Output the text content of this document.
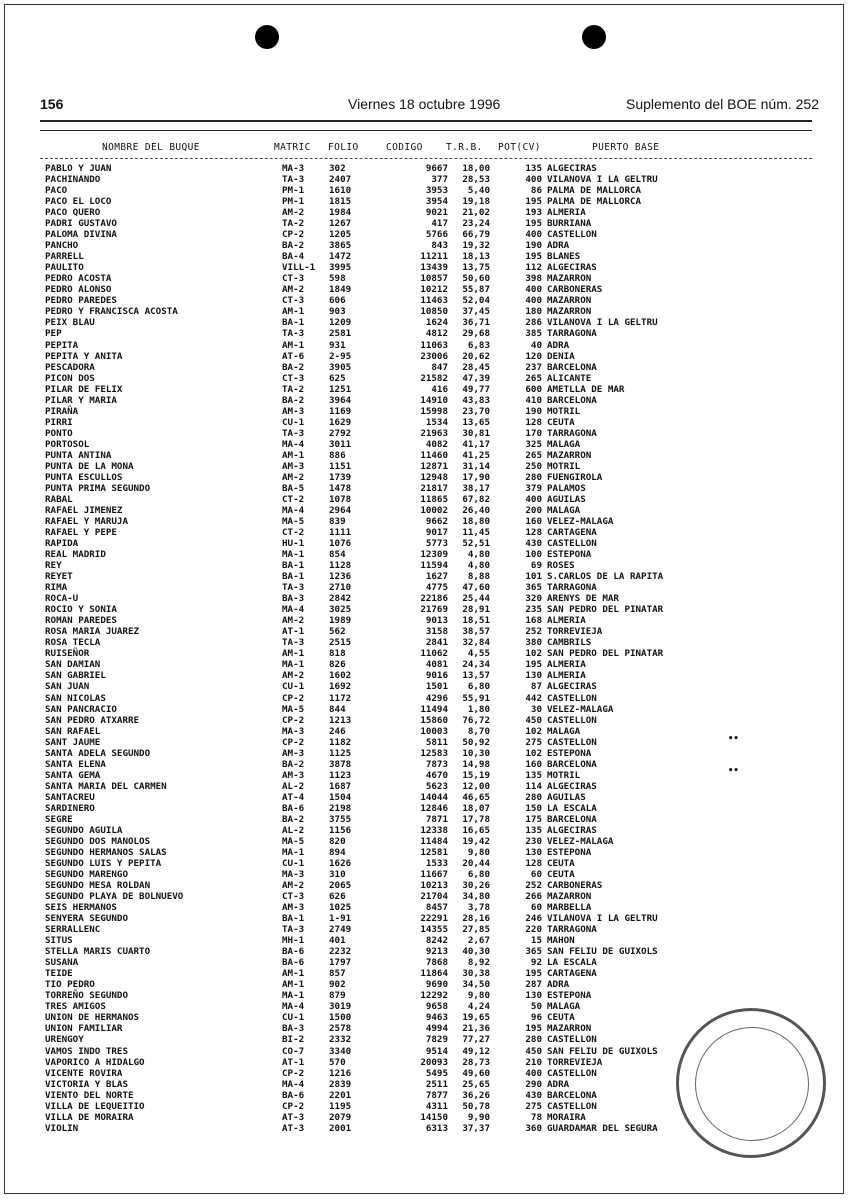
156	Viernes 18 octubre 1996	Suplemento del BOE núm. 252
NOMBRE DEL BUQUE	MATRIC FOLIO	CODIGO T.R.B. POT(CV)	PUERTO BASE
PABLO Y JUAN	MA-3	302	9667	18,00	135 ALGECIRAS
PACHINANDO	TA-3	2407	377	28,53	400 VILANOVA I LA GELTRU
PACO	PM-1	1610	3953	5,40	86 PALMA DE MALLORCA
PACO EL LOCO	PM-1	1815	3954	19,18	195 PALMA DE MALLORCA
PACO QUERO	AM-2	1984	9021	21,02	193 ALMERIA
PADRI GUSTAVO	TA-2	1267	417	23,24	195 BURRIANA
PALOMA DIVINA	CP-2	1205	5766	66,79	400 CASTELLON
PANCHO	BA-2	3865	843	19,32	190 ADRA
PARRELL	BA-4	1472	11211	18,13	195 BLANES
PAULITO	VILL-1 3995	13439	13,75	112 ALGECIRAS
PEDRO ACOSTA	CT-3	598	10857	50,60	398 MAZARRON
PEDRO ALONSO	AM-2	1849	10212	55,87	400 CARBONERAS
PEDRO PAREDES	CT-3	606	11463	52,04	400 MAZARRON
PEDRO Y FRANCISCA ACOSTA	AM-1	903	10850	37,45	180 MAZARRON
PEIX BLAU	BA-1	1209	1624	36,71	286 VILANOVA I LA GELTRU
PEP	TA-3	2581	4812	29,68	385 TARRAGONA
PEPITA	AM-1	931	11063	6,83	40 ADRA
PEPITA Y ANITA	AT-6	2-95	23006	20,62	120 DENIA
PESCADORA	BA-2	3905	847	28,45	237 BARCELONA
PICON DOS	CT-3	625	21582	47,39	265 ALICANTE
PILAR DE FELIX	TA-2	1251	416	49,77	600 AMETLLA DE MAR
PILAR Y MARIA	BA-2	3964	14910	43,83	410 BARCELONA
PIRAÑA	AM-3	1169	15998	23,70	190 MOTRIL
PIRRI	CU-1	1629	1534	13,65	128 CEUTA
PONTO	TA-3	2792	21963	30,81	170 TARRAGONA
PORTOSOL	MA-4	3011	4082	41,17	325 MALAGA
PUNTA ANTINA	AM-1	886	11460	41,25	265 MAZARRON
PUNTA DE LA MONA	AM-3	1151	12871	31,14	250 MOTRIL
PUNTA ESCULLOS	AM-2	1739	12948	17,90	280 FUENGIROLA
PUNTA PRIMA SEGUNDO	BA-5	1478	21817	38,17	379 PALAMOS
RABAL	CT-2	1078	11865	67,82	400 AGUILAS
RAFAEL JIMENEZ	MA-4	2964	10002	26,40	200 MALAGA
RAFAEL Y MARUJA	MA-5	839	9662	18,80	160 VELEZ-MALAGA
RAFAEL Y PEPE	CT-2	1111	9017	11,45	128 CARTAGENA
RAPIDA	HU-1	1076	5773	52,51	430 CASTELLON
REAL MADRID	MA-1	854	12309	4,80	100 ESTEPONA
REY	BA-1	1128	11594	4,80	69 ROSES
REYET	BA-1	1236	1627	8,88	101 S.CARLOS DE LA RAPITA
RIMA	TA-3	2710	4775	47,60	365 TARRAGONA
ROCA-U	BA-3	2842	22186	25,44	320 ARENYS DE MAR
ROCIO Y SONIA	MA-4	3025	21769	28,91	235 SAN PEDRO DEL PINATAR
ROMAN PAREDES	AM-2	1989	9013	18,51	168 ALMERIA
ROSA MARIA JUAREZ	AT-1	562	3158	38,57	252 TORREVIEJA
ROSA TECLA	TA-3	2515	2841	32,84	380 CAMBRILS
RUISEÑOR	AM-1	818	11062	4,55	102 SAN PEDRO DEL PINATAR
SAN DAMIAN	MA-1	826	4081	24,34	195 ALMERIA
SAN GABRIEL	AM-2	1602	9016	13,57	130 ALMERIA
SAN JUAN	CU-1	1692	1501	6,80	87 ALGECIRAS
SAN NICOLAS	CP-2	1172	4296	55,91	442 CASTELLON
SAN PANCRACIO	MA-5	844	11494	1,80	30 VELEZ-MALAGA
SAN PEDRO ATXARRE	CP-2	1213	15860	76,72	450 CASTELLON
SAN RAFAEL	MA-3	246	10003	8,70	102 MALAGA
SANT JAUME	CP-2	1182	5811	50,92	275 CASTELLON
SANTA ADELA SEGUNDO	AM-3	1125	12583	10,30	102 ESTEPONA
SANTA ELENA	BA-2	3878	7873	14,98	160 BARCELONA
SANTA GEMA	AM-3	1123	4670	15,19	135 MOTRIL
SANTA MARIA DEL CARMEN	AL-2	1687	5623	12,00	114 ALGECIRAS
SANTACREU	AT-4	1504	14044	46,65	280 AGUILAS
SARDINERO	BA-6	2198	12846	18,07	150 LA ESCALA
SEGRE	BA-2	3755	7871	17,78	175 BARCELONA
SEGUNDO AGUILA	AL-2	1156	12338	16,65	135 ALGECIRAS
SEGUNDO DOS MANOLOS	MA-5	820	11484	19,42	230 VELEZ-MALAGA
SEGUNDO HERMANOS SALAS	MA-1	894	12581	9,80	130 ESTEPONA
SEGUNDO LUIS Y PEPITA	CU-1	1626	1533	20,44	128 CEUTA
SEGUNDO MARENGO	MA-3	310	11667	6,80	60 CEUTA
SEGUNDO MESA ROLDAN	AM-2	2065	10213	30,26	252 CARBONERAS
SEGUNDO PLAYA DE BOLNUEVO	CT-3	626	21704	34,80	266 MAZARRON
SEIS HERMANOS	AM-3	1025	8457	3,78	60 MARBELLA
SENYERA SEGUNDO	BA-1	1-91	22291	28,16	246 VILANOVA I LA GELTRU
SERRALLENC	TA-3	2749	14355	27,85	220 TARRAGONA
SITUS	MH-1	401	8242	2,67	15 MAHON
STELLA MARIS CUARTO	BA-6	2232	9213	40,30	365 SAN FELIU DE GUIXOLS
SUSANA	BA-6	1797	7868	8,92	92 LA ESCALA
TEIDE	AM-1	857	11864	30,38	195 CARTAGENA
TIO PEDRO	AM-1	902	9690	34,50	287 ADRA
TORREÑO SEGUNDO	MA-1	879	12292	9,80	130 ESTEPONA
TRES AMIGOS	MA-4	3019	9658	4,24	50 MALAGA
UNION DE HERMANOS	CU-1	1500	9463	19,65	96 CEUTA
UNION FAMILIAR	BA-3	2578	4994	21,36	195 MAZARRON
URENGOY	BI-2	2332	7829	77,27	280 CASTELLON
VAMOS INDO TRES	CO-7	3340	9514	49,12	450 SAN FELIU DE GUIXOLS
VAPORICO A HIDALGO	AT-1	570	20093	28,73	210 TORREVIEJA
VICENTE ROVIRA	CP-2	1216	5495	49,60	400 CASTELLON
VICTORIA Y BLAS	MA-4	2839	2511	25,65	290 ADRA
VIENTO DEL NORTE	BA-6	2201	7877	36,26	430 BARCELONA
VILLA DE LEQUEITIO	CP-2	1195	4311	50,78	275 CASTELLON
VILLA DE MORAIRA	AT-3	2079	14150	9,90	78 MORAIRA
VIOLIN	AT-3	2001	6313	37,37	360 GUARDAMAR DEL SEGURA
••
••
